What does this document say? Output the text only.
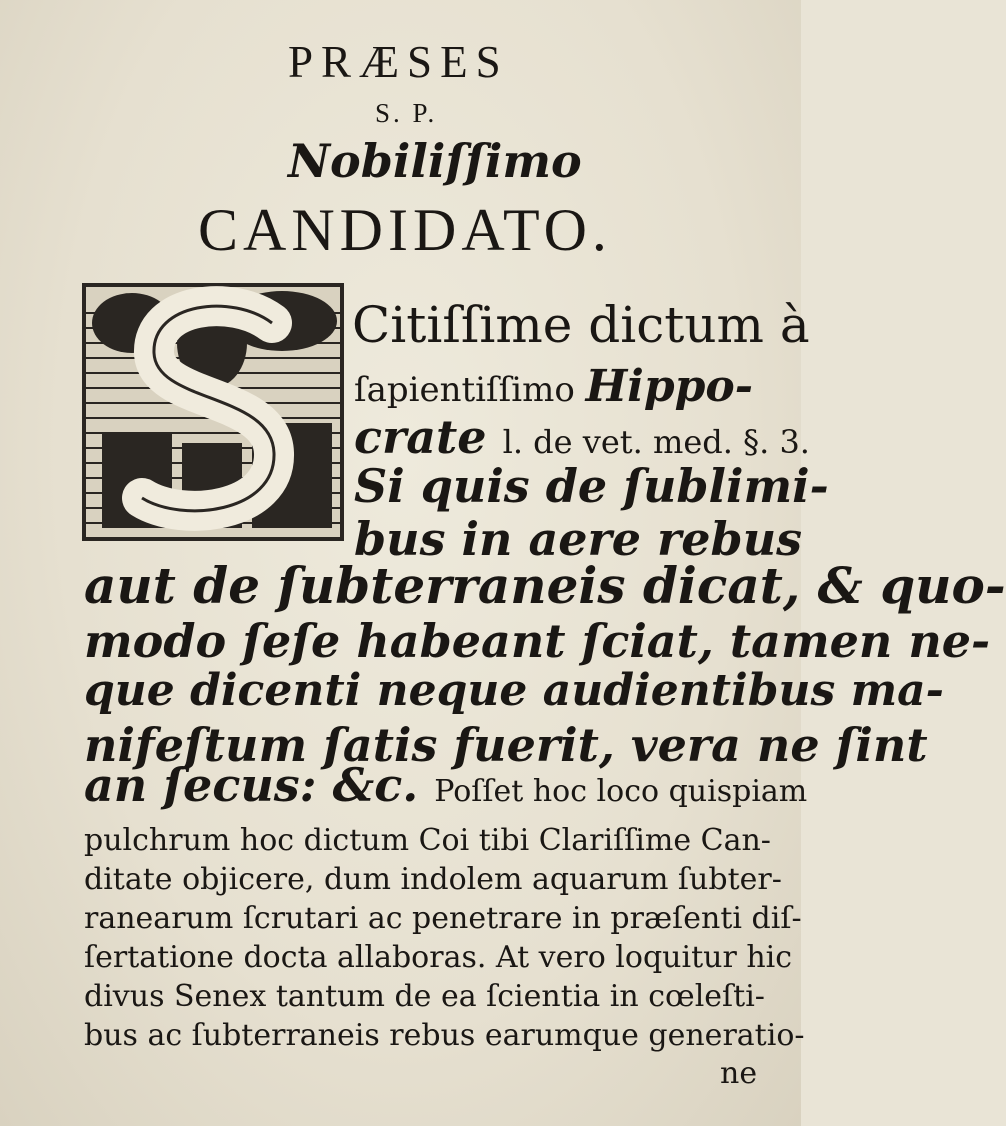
PRÆSES
S. P.
Nobiliſſimo
CANDIDATO.
Citiſſime dictum à
ſapientiſſimo Hippo-
crate l. de vet. med. §. 3.
Si quis de ſublimi-
bus in aere rebus
aut de ſubterraneis dicat, & quo-
modo ſeſe habeant ſciat, tamen ne-
que dicenti neque audientibus ma-
nifeſtum ſatis fuerit, vera ne ſint
an ſecus: &c. Poſſet hoc loco quispiam
pulchrum hoc dictum Coi tibi Clariſſime Can-
ditate objicere, dum indolem aquarum ſubter-
ranearum ſcrutari ac penetrare in præſenti diſ-
ſertatione docta allaboras. At vero loquitur hic
divus Senex tantum de ea ſcientia in cœleſti-
bus ac ſubterraneis rebus earumque generatio-
ne
